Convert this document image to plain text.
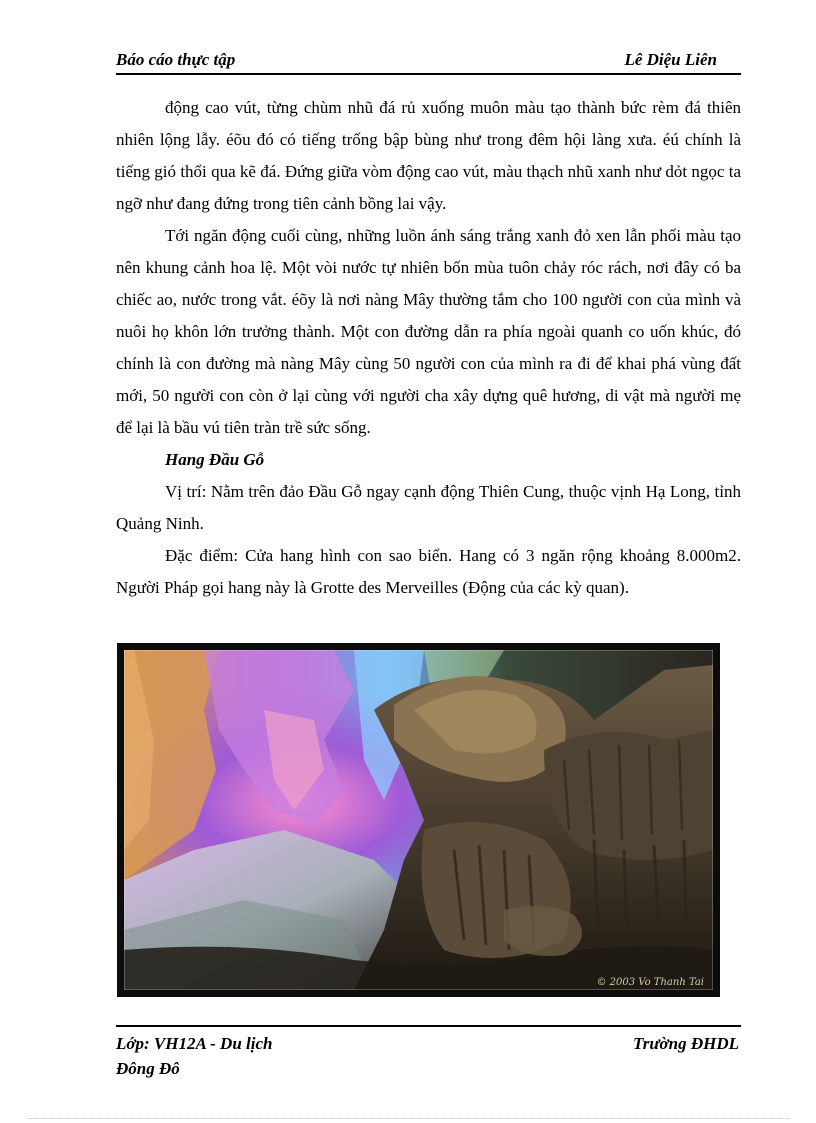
Báo cáo thực tập	Lê Diệu Liên

động cao vút, từng chùm nhũ đá rủ xuống muôn màu tạo thành bức rèm đá thiên nhiên lộng lẫy. éõu đó có tiếng trống bập bùng như trong đêm hội làng xưa. éú chính là tiếng gió thổi qua kẽ đá. Đứng giữa vòm động cao vút, màu thạch nhũ xanh như dỏt ngọc ta ngỡ như đang đứng trong tiên cảnh bồng lai vậy.

Tới ngăn động cuối cùng, những luồn ánh sáng trắng xanh đỏ xen lẫn phối màu tạo nên khung cảnh hoa lệ. Một vòi nước tự nhiên bốn mùa tuôn chảy róc rách, nơi đây có ba chiếc ao, nước trong vắt. éõy là nơi nàng Mây thường tắm cho 100 người con của mình và nuôi họ khôn lớn trưởng thành. Một con đường dẫn ra phía ngoài quanh co uốn khúc, đó chính là con đường mà nàng Mây cùng 50 người con của mình ra đi để khai phá vùng đất mới, 50 người con còn ở lại cùng với người cha xây dựng quê hương, di vật mà người mẹ để lại là bầu vú tiên tràn trề sức sống.

Hang Đầu Gỗ

Vị trí: Nằm trên đảo Đầu Gỗ ngay cạnh động Thiên Cung, thuộc vịnh Hạ Long, tỉnh Quảng Ninh.

Đặc điểm: Cửa hang hình con sao biển. Hang có 3 ngăn rộng khoảng 8.000m2. Người Pháp gọi hang này là Grotte des Merveilles (Động của các kỳ quan).

© 2003 Vo Thanh Tai
Lớp: VH12A - Du lịch
Đông Đô
Trường ĐHDL
